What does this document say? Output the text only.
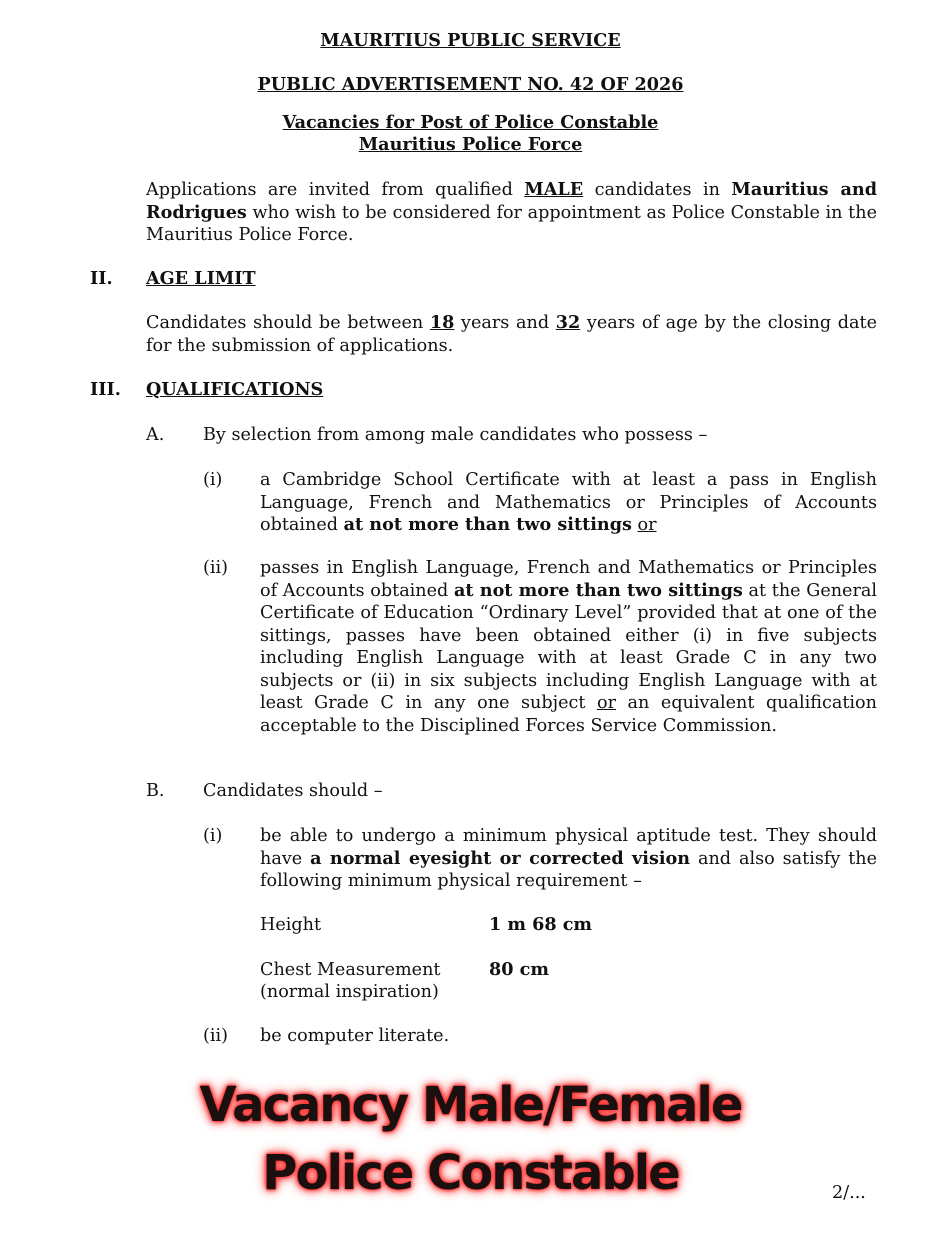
MAURITIUS PUBLIC SERVICE
PUBLIC ADVERTISEMENT NO. 42 OF 2026
Vacancies for Post of Police Constable
Mauritius Police Force
Applications are invited from qualified MALE candidates in Mauritius and Rodrigues who wish to be considered for appointment as Police Constable in the Mauritius Police Force.
II. AGE LIMIT
Candidates should be between 18 years and 32 years of age by the closing date for the submission of applications.
III. QUALIFICATIONS
A. By selection from among male candidates who possess –
(i) a Cambridge School Certificate with at least a pass in English Language, French and Mathematics or Principles of Accounts obtained at not more than two sittings or
(ii) passes in English Language, French and Mathematics or Principles of Accounts obtained at not more than two sittings at the General Certificate of Education “Ordinary Level” provided that at one of the sittings, passes have been obtained either (i) in five subjects including English Language with at least Grade C in any two subjects or (ii) in six subjects including English Language with at least Grade C in any one subject or an equivalent qualification acceptable to the Disciplined Forces Service Commission.
B. Candidates should –
(i) be able to undergo a minimum physical aptitude test. They should have a normal eyesight or corrected vision and also satisfy the following minimum physical requirement –
Height	1 m 68 cm
Chest Measurement
(normal inspiration)
80 cm
(ii) be computer literate.
Vacancy Male/Female
Police Constable	2/...
